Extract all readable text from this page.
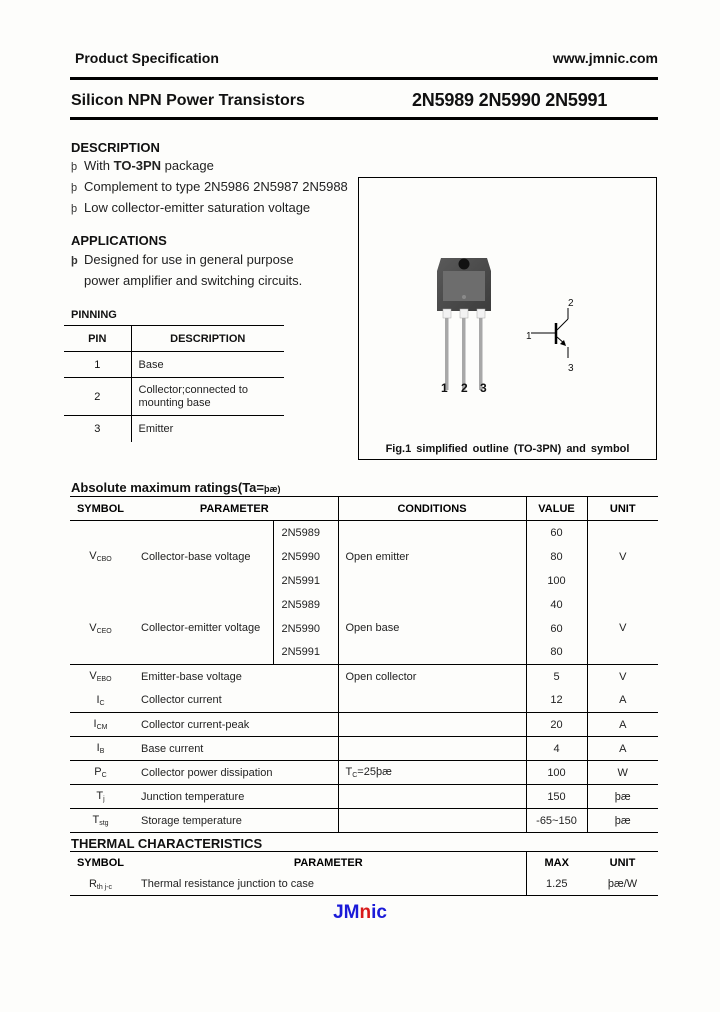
Product Specification	www.jmnic.com
Silicon NPN Power Transistors	2N5989 2N5990 2N5991
DESCRIPTION
þ With TO-3PN package
þ Complement to type 2N5986 2N5987 2N5988
þ Low collector-emitter saturation voltage
APPLICATIONS
þ Designed for use in general purpose
power amplifier and switching circuits.
PINNING
PIN	DESCRIPTION
1	Base
2	Collector;connected to
mounting base

3	Emitter
1 2 3
2
1
3
Fig.1 simplified outline (TO-3PN) and symbol
Absolute maximum ratings(Ta=þæ)
SYMBOL	PARAMETER		CONDITIONS	VALUE	UNIT
$V_{CBO}$	Collector-base voltage	2N5989	Open emitter	60	V
		2N5990		80	
		2N5991		100	
$V_{CEO}$	Collector-emitter voltage	2N5989	Open base	40	V
		2N5990		60	
		2N5991		80	
$V_{EBO}$	Emitter-base voltage		Open collector	5	V
$I_C$	Collector current			12	A
$I_{CM}$	Collector current-peak			20	A
$I_B$	Base current			4	A
$P_C$	Collector power dissipation		$T_C=25þæ$	100	W
$T_j$	Junction temperature			150	þæ
$T_{stg}$	Storage temperature			-65~150	þæ
THERMAL CHARACTERISTICS
SYMBOL	PARAMETER	MAX	UNIT
$R_{th j-c}$	Thermal resistance junction to case	1.25	þæ/W
JMnic
